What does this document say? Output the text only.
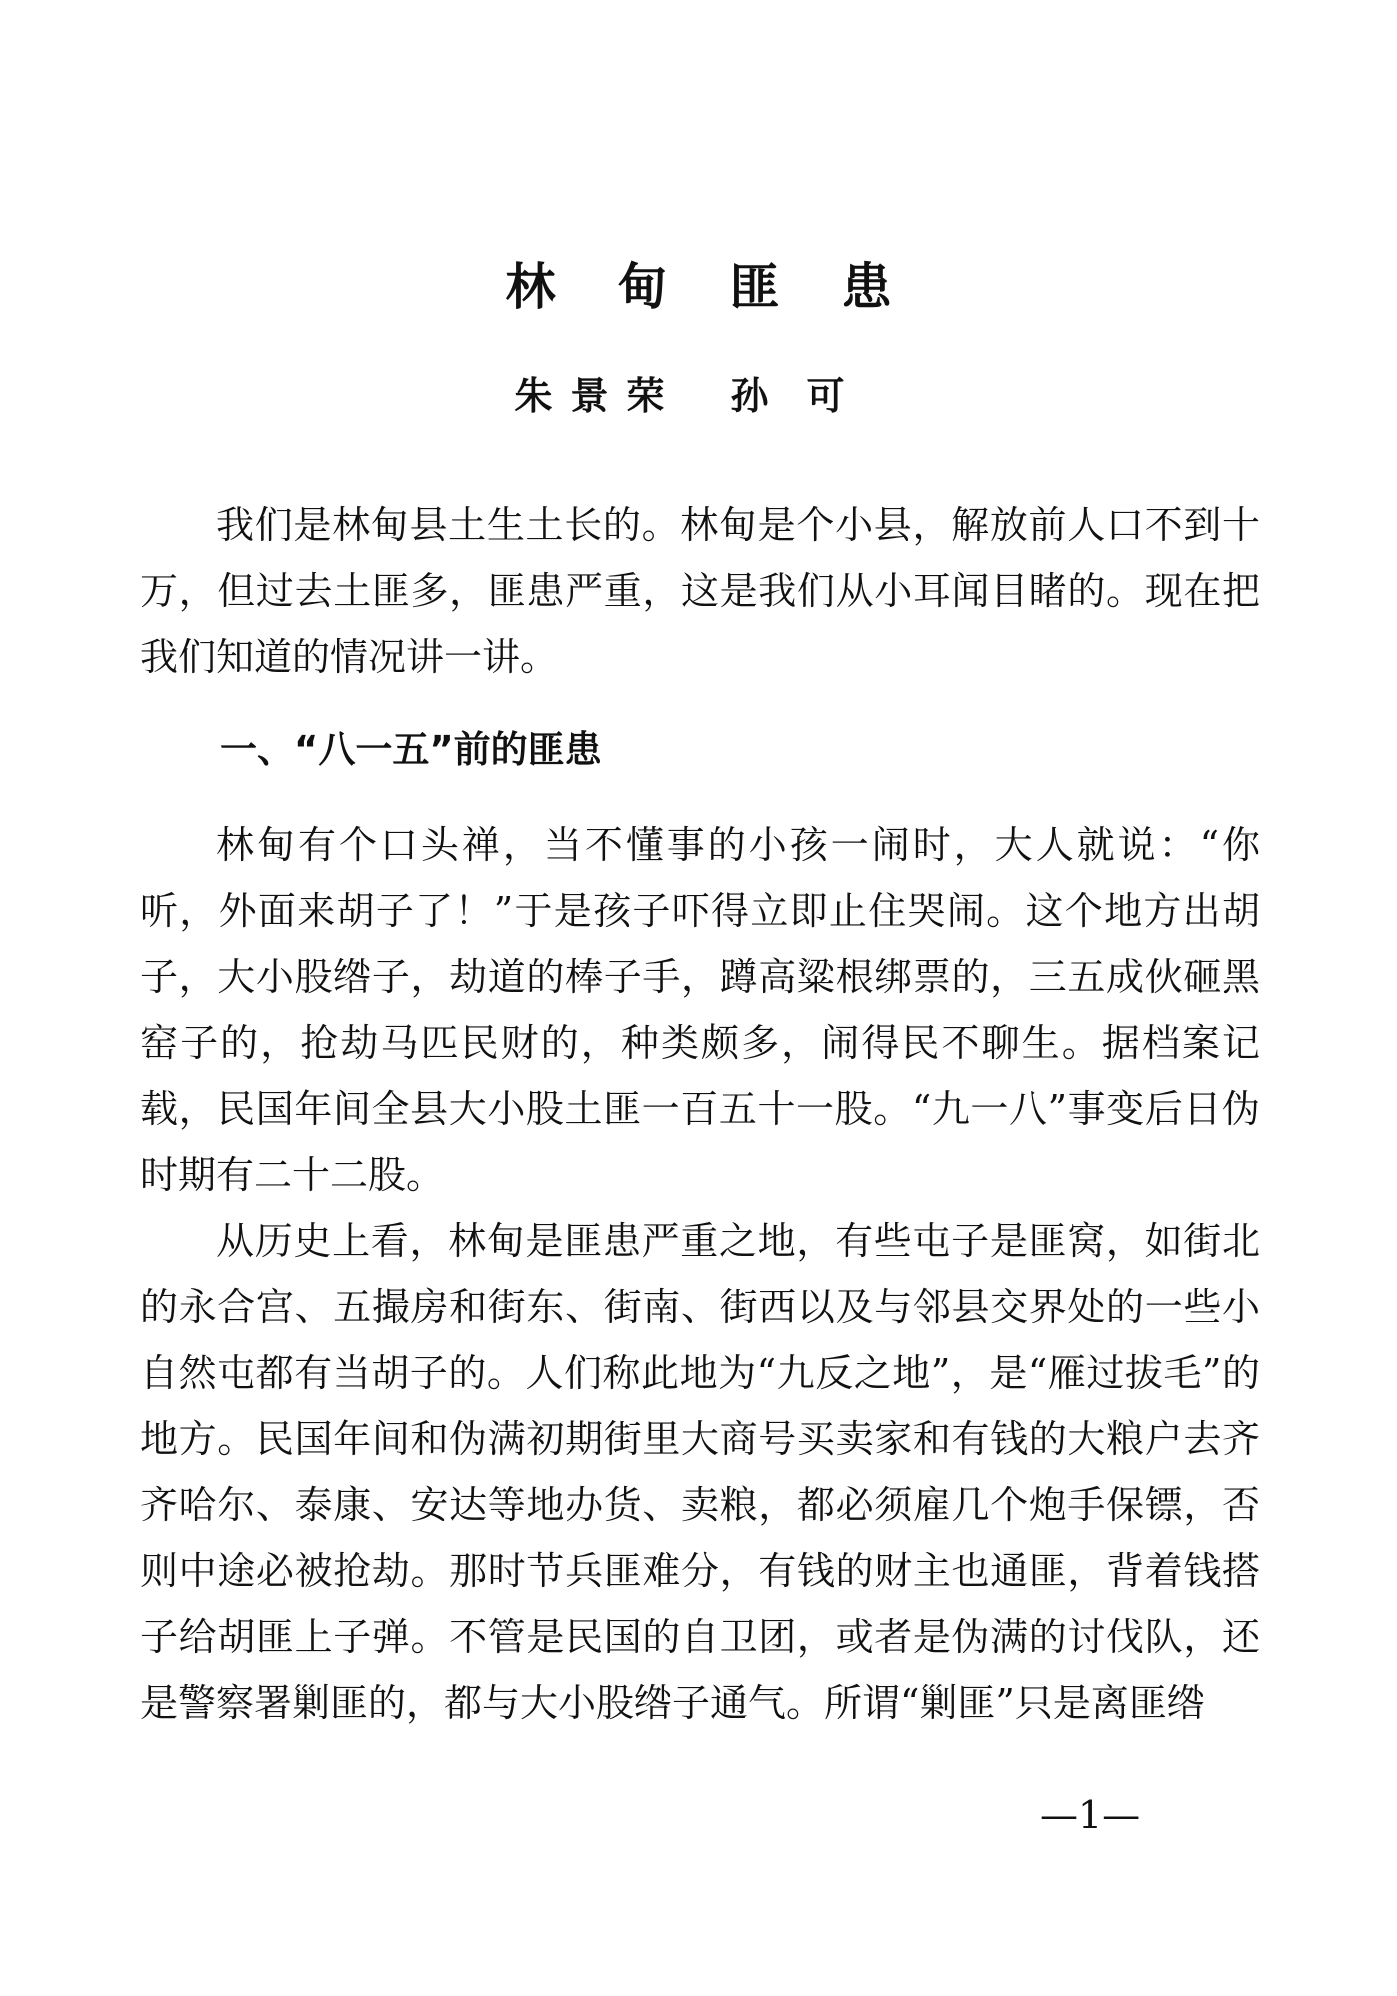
林甸匪患
朱景荣 孙可

我们是林甸县土生土长的。林甸是个小县，解放前人口不到十万，但过去土匪多，匪患严重，这是我们从小耳闻目睹的。现在把我们知道的情况讲一讲。

一、“八一五”前的匪患

林甸有个口头禅，当不懂事的小孩一闹时，大人就说：“你听，外面来胡子了！”于是孩子吓得立即止住哭闹。这个地方出胡子，大小股绺子，劫道的棒子手，蹲高粱根绑票的，三五成伙砸黑窑子的，抢劫马匹民财的，种类颇多，闹得民不聊生。据档案记载，民国年间全县大小股土匪一百五十一股。“九一八”事变后日伪时期有二十二股。

从历史上看，林甸是匪患严重之地，有些屯子是匪窝，如街北的永合宫、五撮房和街东、街南、街西以及与邻县交界处的一些小自然屯都有当胡子的。人们称此地为“九反之地”，是“雁过拔毛”的地方。民国年间和伪满初期街里大商号买卖家和有钱的大粮户去齐齐哈尔、泰康、安达等地办货、卖粮，都必须雇几个炮手保镖，否则中途必被抢劫。那时节兵匪难分，有钱的财主也通匪，背着钱搭子给胡匪上子弹。不管是民国的自卫团，或者是伪满的讨伐队，还是警察署剿匪的，都与大小股绺子通气。所谓“剿匪”只是离匪绺

—1—
